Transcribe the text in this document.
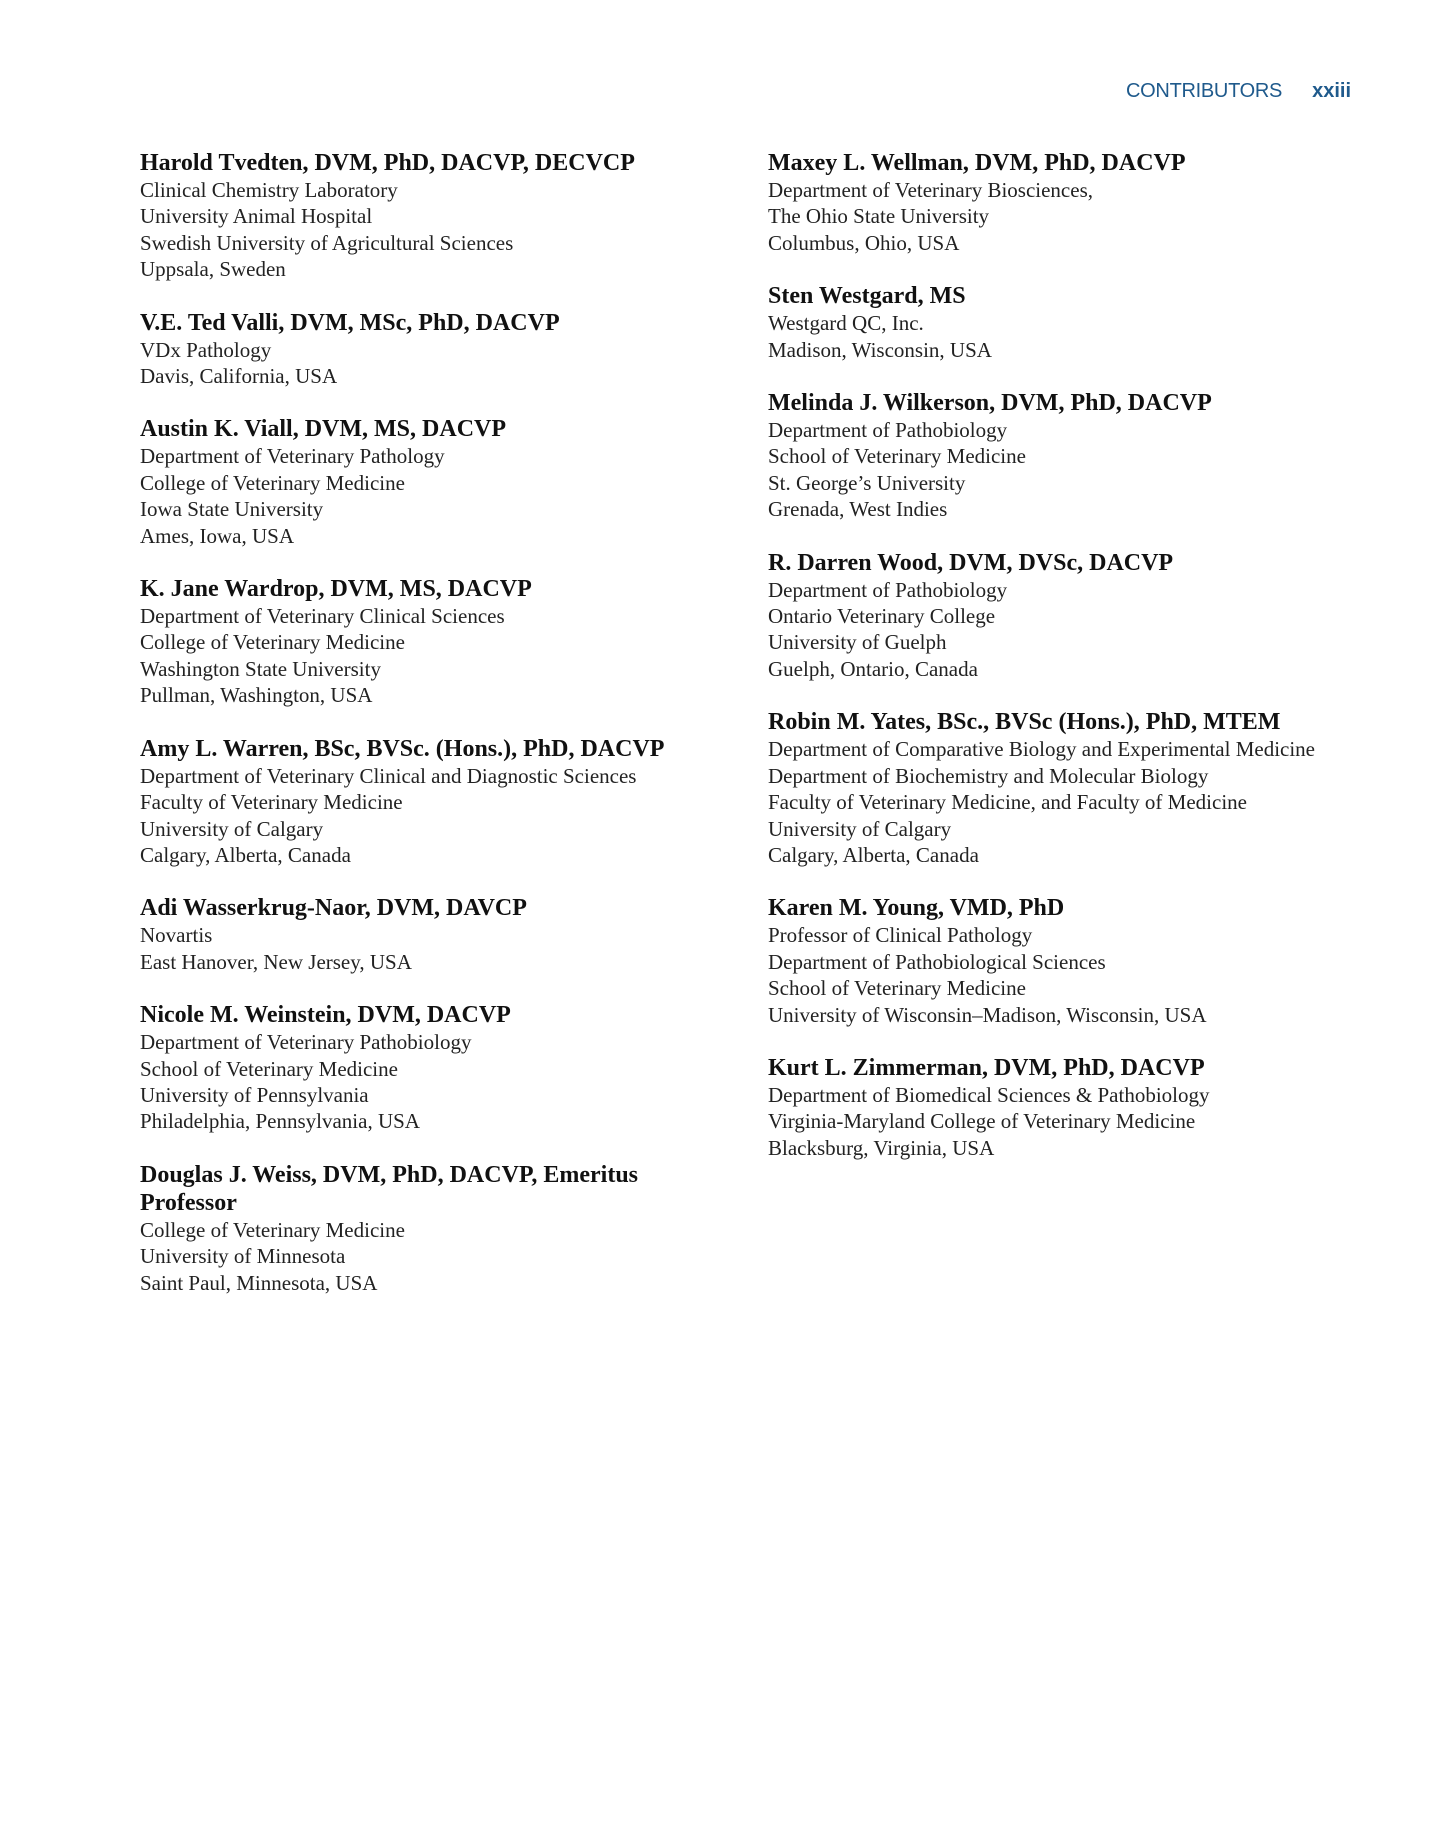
CONTRIBUTORS xxiii
Harold Tvedten, DVM, PhD, DACVP, DECVCP
Clinical Chemistry Laboratory
University Animal Hospital
Swedish University of Agricultural Sciences
Uppsala, Sweden
V.E. Ted Valli, DVM, MSc, PhD, DACVP
VDx Pathology
Davis, California, USA
Austin K. Viall, DVM, MS, DACVP
Department of Veterinary Pathology
College of Veterinary Medicine
Iowa State University
Ames, Iowa, USA
K. Jane Wardrop, DVM, MS, DACVP
Department of Veterinary Clinical Sciences
College of Veterinary Medicine
Washington State University
Pullman, Washington, USA
Amy L. Warren, BSc, BVSc. (Hons.), PhD, DACVP
Department of Veterinary Clinical and Diagnostic Sciences
Faculty of Veterinary Medicine
University of Calgary
Calgary, Alberta, Canada
Adi Wasserkrug-Naor, DVM, DAVCP
Novartis
East Hanover, New Jersey, USA
Nicole M. Weinstein, DVM, DACVP
Department of Veterinary Pathobiology
School of Veterinary Medicine
University of Pennsylvania
Philadelphia, Pennsylvania, USA
Douglas J. Weiss, DVM, PhD, DACVP, Emeritus Professor
College of Veterinary Medicine
University of Minnesota
Saint Paul, Minnesota, USA
Maxey L. Wellman, DVM, PhD, DACVP
Department of Veterinary Biosciences,
The Ohio State University
Columbus, Ohio, USA
Sten Westgard, MS
Westgard QC, Inc.
Madison, Wisconsin, USA
Melinda J. Wilkerson, DVM, PhD, DACVP
Department of Pathobiology
School of Veterinary Medicine
St. George’s University
Grenada, West Indies
R. Darren Wood, DVM, DVSc, DACVP
Department of Pathobiology
Ontario Veterinary College
University of Guelph
Guelph, Ontario, Canada
Robin M. Yates, BSc., BVSc (Hons.), PhD, MTEM
Department of Comparative Biology and Experimental Medicine
Department of Biochemistry and Molecular Biology
Faculty of Veterinary Medicine, and Faculty of Medicine
University of Calgary
Calgary, Alberta, Canada
Karen M. Young, VMD, PhD
Professor of Clinical Pathology
Department of Pathobiological Sciences
School of Veterinary Medicine
University of Wisconsin–Madison, Wisconsin, USA
Kurt L. Zimmerman, DVM, PhD, DACVP
Department of Biomedical Sciences & Pathobiology
Virginia-Maryland College of Veterinary Medicine
Blacksburg, Virginia, USA
